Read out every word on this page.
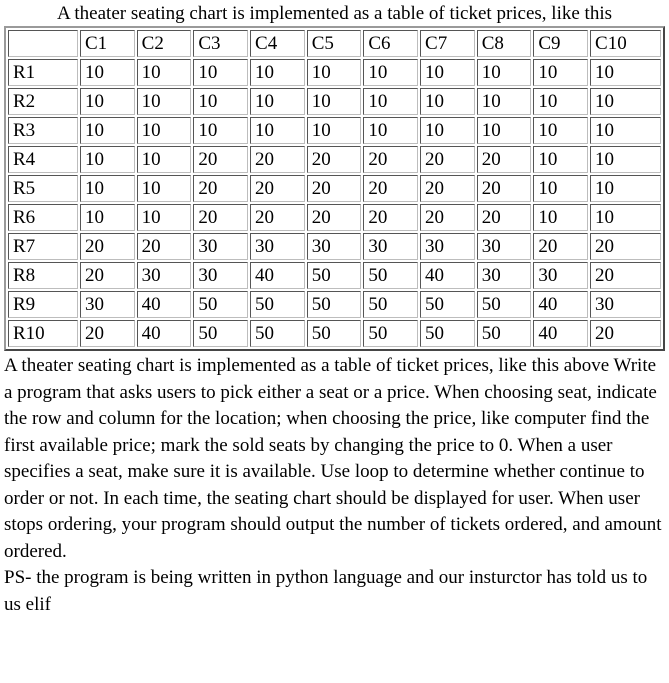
A theater seating chart is implemented as a table of ticket prices, like this
	C1	C2	C3	C4	C5	C6	C7	C8	C9	C10
R1	10	10	10	10	10	10	10	10	10	10
R2	10	10	10	10	10	10	10	10	10	10
R3	10	10	10	10	10	10	10	10	10	10
R4	10	10	20	20	20	20	20	20	10	10
R5	10	10	20	20	20	20	20	20	10	10
R6	10	10	20	20	20	20	20	20	10	10
R7	20	20	30	30	30	30	30	30	20	20
R8	20	30	30	40	50	50	40	30	30	20
R9	30	40	50	50	50	50	50	50	40	30
R10	20	40	50	50	50	50	50	50	40	20

A theater seating chart is implemented as a table of ticket prices, like this above Write a program that asks users to pick either a seat or a price. When choosing seat, indicate the row and column for the location; when choosing the price, like computer find the first available price; mark the sold seats by changing the price to 0. When a user specifies a seat, make sure it is available. Use loop to determine whether continue to order or not. In each time, the seating chart should be displayed for user. When user stops ordering, your program should output the number of tickets ordered, and amount ordered.

PS- the program is being written in python language and our insturctor has told us to us elif
